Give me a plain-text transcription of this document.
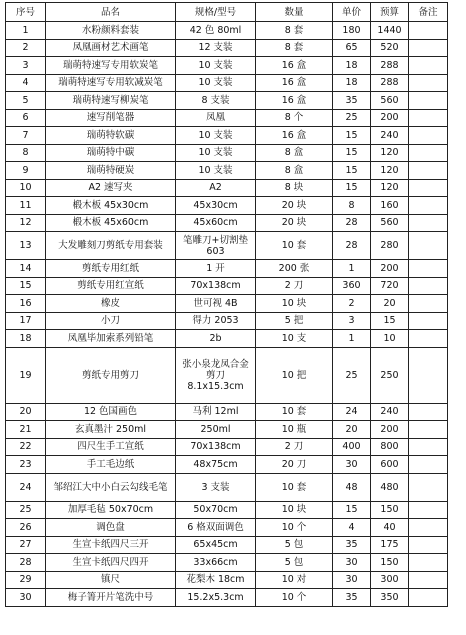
序号	品名	规格/型号	数量	单价	预算	备注
1	水粉颜料套装	42 色 80ml	8 套	180	1440	
2	凤凰画材艺术画笔	12 支装	8 套	65	520	
3	瑞萌特速写专用软炭笔	10 支装	16 盒	18	288	
4	瑞萌特速写专用软减炭笔	10 支装	16 盒	18	288	
5	瑞萌特速写柳炭笔	8 支装	16 盒	35	560	
6	速写削笔器	凤凰	8 个	25	200	
7	瑞萌特软碳	10 支装	16 盒	15	240	
8	瑞萌特中碳	10 支装	8 盒	15	120	
9	瑞萌特硬炭	10 支装	8 盒	15	120	
10	A2 速写夹	A2	8 块	15	120	
11	椴木板 45x30cm	45x30cm	20 块	8	160	
12	椴木板 45x60cm	45x60cm	20 块	28	560	
13	大发雕刻刀剪纸专用套装	笔雕刀+切割垫 603	10 套	28	280	
14	剪纸专用红纸	1 开	200 张	1	200	
15	剪纸专用红宣纸	70x138cm	2 刀	360	720	
16	橡皮	世可视 4B	10 块	2	20	
17	小刀	得力 2053	5 把	3	15	
18	凤凰毕加索系列铅笔	2b	10 支	1	10	
19	剪纸专用剪刀	张小泉龙凤合金剪刀 8.1x15.3cm	10 把	25	250	
20	12 色国画色	马利 12ml	10 套	24	240	
21	玄真墨汁 250ml	250ml	10 瓶	20	200	
22	四尺生手工宣纸	70x138cm	2 刀	400	800	
23	手工毛边纸	48x75cm	20 刀	30	600	
24	邹绍江大中小白云勾线毛笔	3 支装	10 套	48	480	
25	加厚毛毡 50x70cm	50x70cm	10 块	15	150	
26	调色盘	6 格双面调色	10 个	4	40	
27	生宣卡纸四尺三开	65x45cm	5 包	35	175	
28	生宣卡纸四尺四开	33x66cm	5 包	30	150	
29	镇尺	花梨木 18cm	10 对	30	300	
30	梅子箐开片笔洗中号	15.2x5.3cm	10 个	35	350	
